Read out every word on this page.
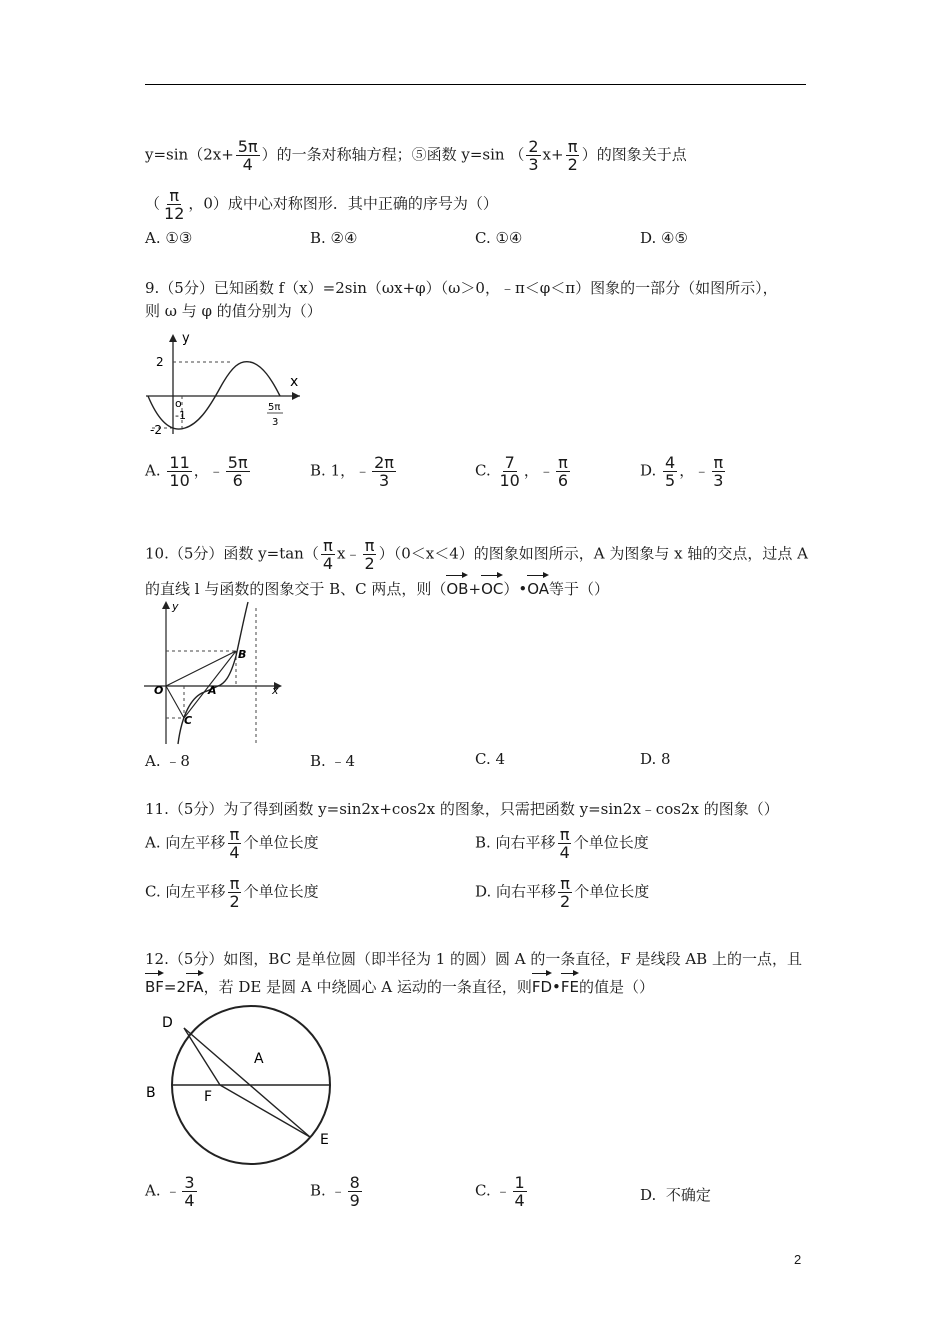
$y=\sin(2x+ \frac{5\pi}{4}$ ）的一条对称轴方程；⑤函数 y=sin （ $\frac{2}{3} x+ \frac{\pi}{2}$ ）的图象关于点
（ $\frac{\pi}{12}$ ，0）成中心对称图形．其中正确的序号为（）
A. ①③	B. ②④	C. ①④	D. ④⑤
9.（5分）已知函数 f（x）=2sin（ωx+φ）（ω＞0，﹣π＜φ＜π）图象的一部分（如图所示），
则 ω 与 φ 的值分别为（）
y
x
2
o
-1
-2
5π
3
A. $\frac{11}{10}$ ，﹣ $\frac{5\pi}{6}$	B. 1，﹣ $\frac{2\pi}{3}$	C. $\frac{7}{10}$ ，﹣ $\frac{\pi}{6}$	D. $\frac{4}{5}$ ，﹣ $\frac{\pi}{3}$
10.（5分）函数 $y=\tan( \frac{\pi}{4}$ x﹣ $\frac{\pi}{2} )(0<x<4)$的图象如图所示，A 为图象与 x 轴的交点，过点 A
的直线 l 与函数的图象交于 B、C 两点，则（OB+OC）•OA等于（）
y
x
O	A
B
C
A. ﹣8	B. ﹣4	C. 4	D. 8
11.（5分）为了得到函数 y=sin2x+cos2x 的图象，只需把函数 y=sin2x﹣cos2x 的图象（）
A. 向左平移 $\frac{\pi}{4}$ 个单位长度	B. 向右平移 $\frac{\pi}{4}$ 个单位长度
C. 向左平移 $\frac{\pi}{2}$ 个单位长度	D. 向右平移 $\frac{\pi}{2}$ 个单位长度
12.（5分）如图，BC 是单位圆（即半径为 1 的圆）圆 A 的一条直径，F 是线段 AB 上的一点，且
BF=2FA，若 DE 是圆 A 中绕圆心 A 运动的一条直径，则FD•FE的值是（）
D
A
B	F
E
A. ﹣ $\frac{3}{4}$	B. ﹣ $\frac{8}{9}$	C. ﹣ $\frac{1}{4}$	D. 不确定
2
